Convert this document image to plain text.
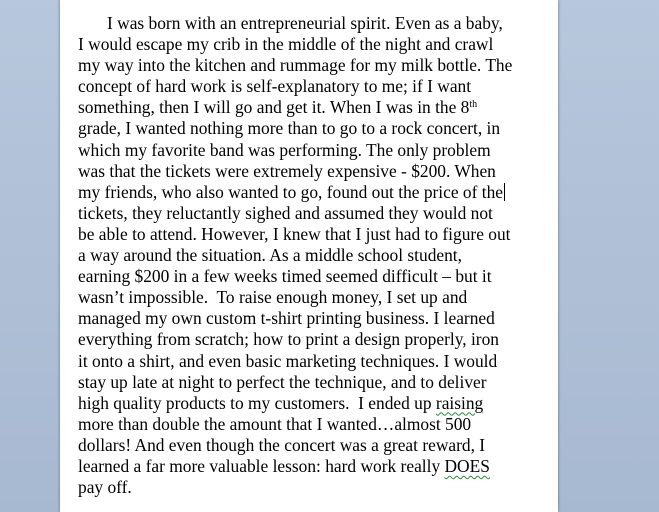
I was born with an entrepreneurial spirit. Even as a baby,
I would escape my crib in the middle of the night and crawl
my way into the kitchen and rummage for my milk bottle. The
concept of hard work is self-explanatory to me; if I want
something, then I will go and get it. When I was in the 8th
grade, I wanted nothing more than to go to a rock concert, in
which my favorite band was performing. The only problem
was that the tickets were extremely expensive - $200. When
my friends, who also wanted to go, found out the price of the
tickets, they reluctantly sighed and assumed they would not
be able to attend. However, I knew that I just had to figure out
a way around the situation. As a middle school student,
earning $200 in a few weeks timed seemed difficult – but it
wasn’t impossible.  To raise enough money, I set up and
managed my own custom t-shirt printing business. I learned
everything from scratch; how to print a design properly, iron
it onto a shirt, and even basic marketing techniques. I would
stay up late at night to perfect the technique, and to deliver
high quality products to my customers.  I ended up raising
more than double the amount that I wanted…almost 500
dollars! And even though the concert was a great reward, I
learned a far more valuable lesson: hard work really DOES
pay off.
